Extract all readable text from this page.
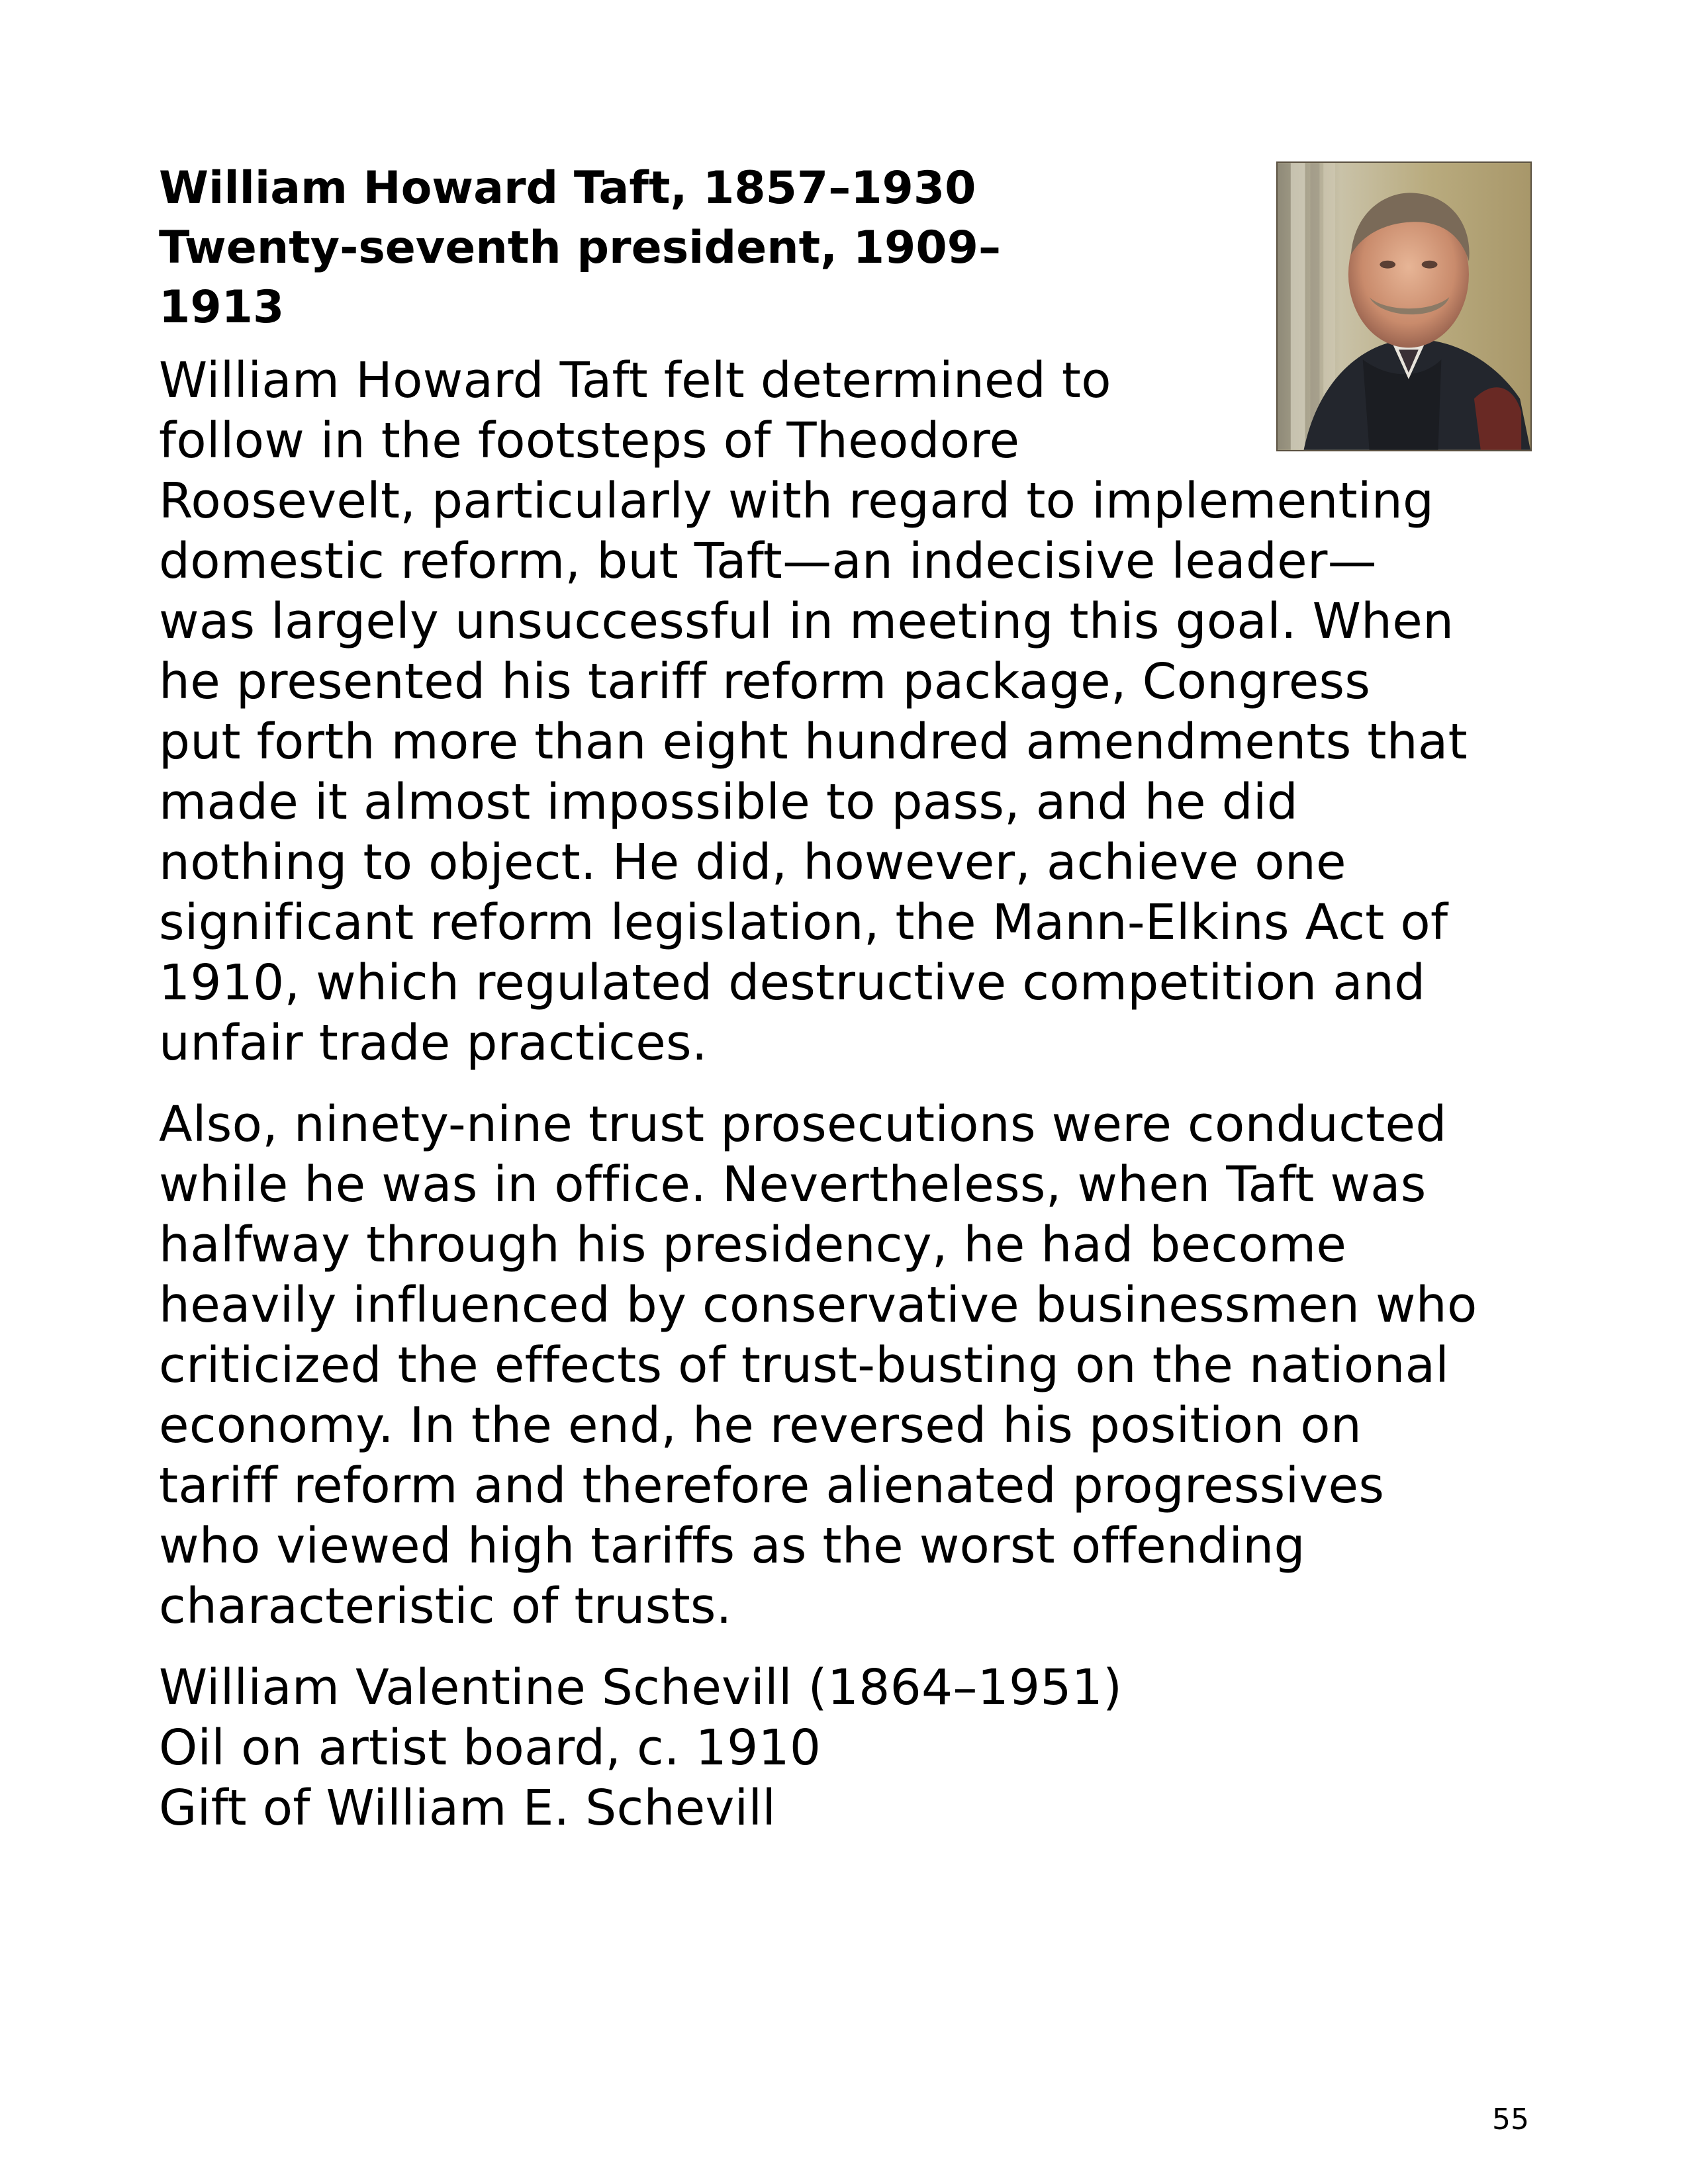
William Howard Taft, 1857–1930
Twenty-seventh president, 1909–
1913

William Howard Taft felt determined to
follow in the footsteps of Theodore
Roosevelt, particularly with regard to implementing
domestic reform, but Taft—an indecisive leader—
was largely unsuccessful in meeting this goal. When
he presented his tariff reform package, Congress
put forth more than eight hundred amendments that
made it almost impossible to pass, and he did
nothing to object. He did, however, achieve one
significant reform legislation, the Mann-Elkins Act of
1910, which regulated destructive competition and
unfair trade practices.

Also, ninety-nine trust prosecutions were conducted
while he was in office. Nevertheless, when Taft was
halfway through his presidency, he had become
heavily influenced by conservative businessmen who
criticized the effects of trust-busting on the national
economy. In the end, he reversed his position on
tariff reform and therefore alienated progressives
who viewed high tariffs as the worst offending
characteristic of trusts.

William Valentine Schevill (1864–1951)
Oil on artist board, c. 1910
Gift of William E. Schevill
55
